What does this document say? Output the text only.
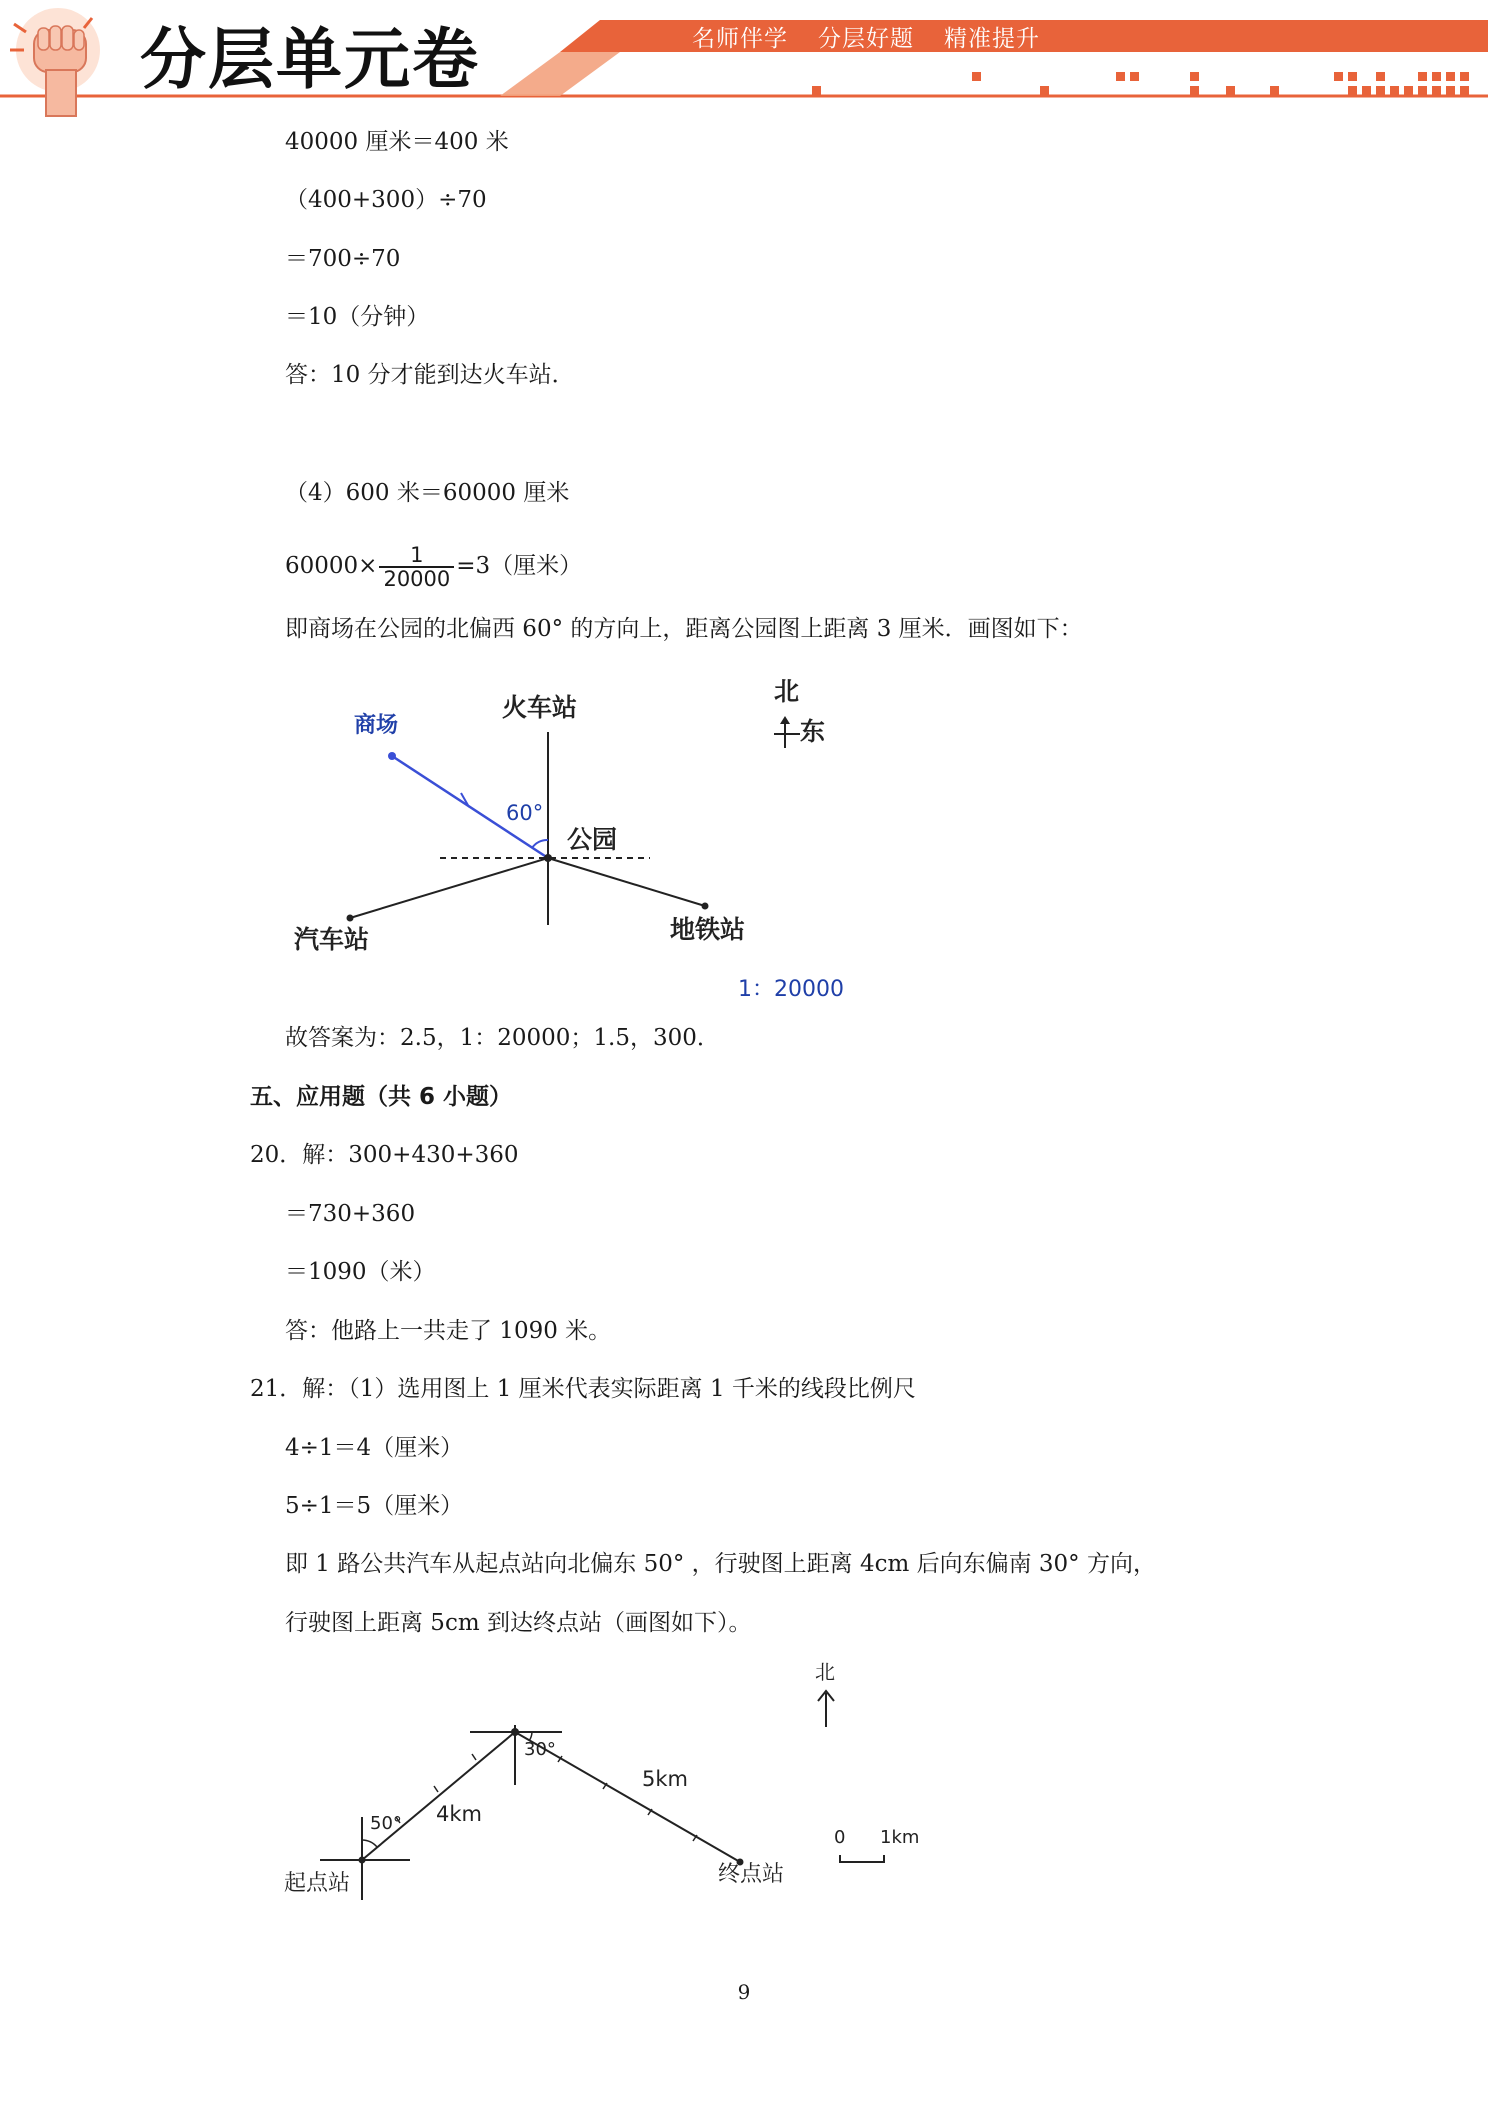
分层单元卷	名师伴学 分层好题 精准提升
40000 厘米＝400 米
（400+300）÷70
＝700÷70
＝10（分钟）
答：10 分才能到达火车站．
（4）600 米＝60000 厘米
$60000\times \frac{1}{20000} =3$（厘米）
即商场在公园的北偏西 60° 的方向上，距离公园图上距离 3 厘米．画图如下：
商场
火车站
北
东
60°
公园
汽车站	地铁站
1：20000
故答案为：2.5，1：20000；1.5，300．
五、应用题（共 6 小题）
20．解：300+430+360
＝730+360
＝1090（米）
答：他路上一共走了 1090 米。
21．解：（1）选用图上 1 厘米代表实际距离 1 千米的线段比例尺
4÷1＝4（厘米）
5÷1＝5（厘米）
即 1 路公共汽车从起点站向北偏东 50° ，行驶图上距离 4cm 后向东偏南 30° 方向，
行驶图上距离 5cm 到达终点站（画图如下）。
北
30°
5km
50° 4km
起点站	终点站
0 1km
9
